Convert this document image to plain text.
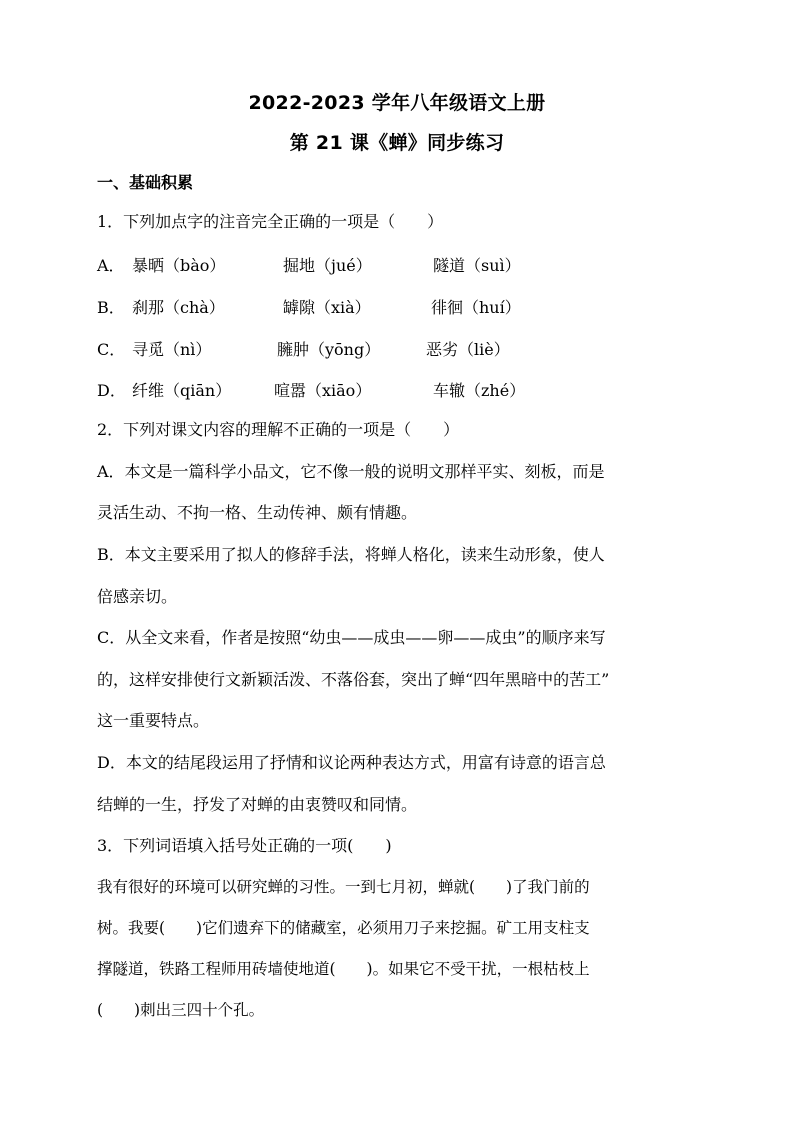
2022-2023 学年八年级语文上册
第 21 课《蝉》同步练习
一、基础积累
1．下列加点字的注音完全正确的一项是（　　）
A． 暴晒（bào）	掘地（jué）	隧道（suì）
B． 刹那（chà）	罅隙（xià）	徘徊（huí）
C． 寻觅（nì）	臃肿（yōng）	恶劣（liè）
D． 纤维（qiān）	喧嚣（xiāo）	车辙（zhé）
2．下列对课文内容的理解不正确的一项是（　　）
A．本文是一篇科学小品文，它不像一般的说明文那样平实、刻板，而是
灵活生动、不拘一格、生动传神、颇有情趣。
B．本文主要采用了拟人的修辞手法，将蝉人格化，读来生动形象，使人
倍感亲切。
C．从全文来看，作者是按照“幼虫——成虫——卵——成虫”的顺序来写
的，这样安排使行文新颖活泼、不落俗套，突出了蝉“四年黑暗中的苦工”
这一重要特点。
D．本文的结尾段运用了抒情和议论两种表达方式，用富有诗意的语言总
结蝉的一生，抒发了对蝉的由衷赞叹和同情。
3．下列词语填入括号处正确的一项(　　)
我有很好的环境可以研究蝉的习性。一到七月初，蝉就(　　)了我门前的
树。我要(　　)它们遗弃下的储藏室，必须用刀子来挖掘。矿工用支柱支
撑隧道，铁路工程师用砖墙使地道(　　)。如果它不受干扰，一根枯枝上
(　　)刺出三四十个孔。
